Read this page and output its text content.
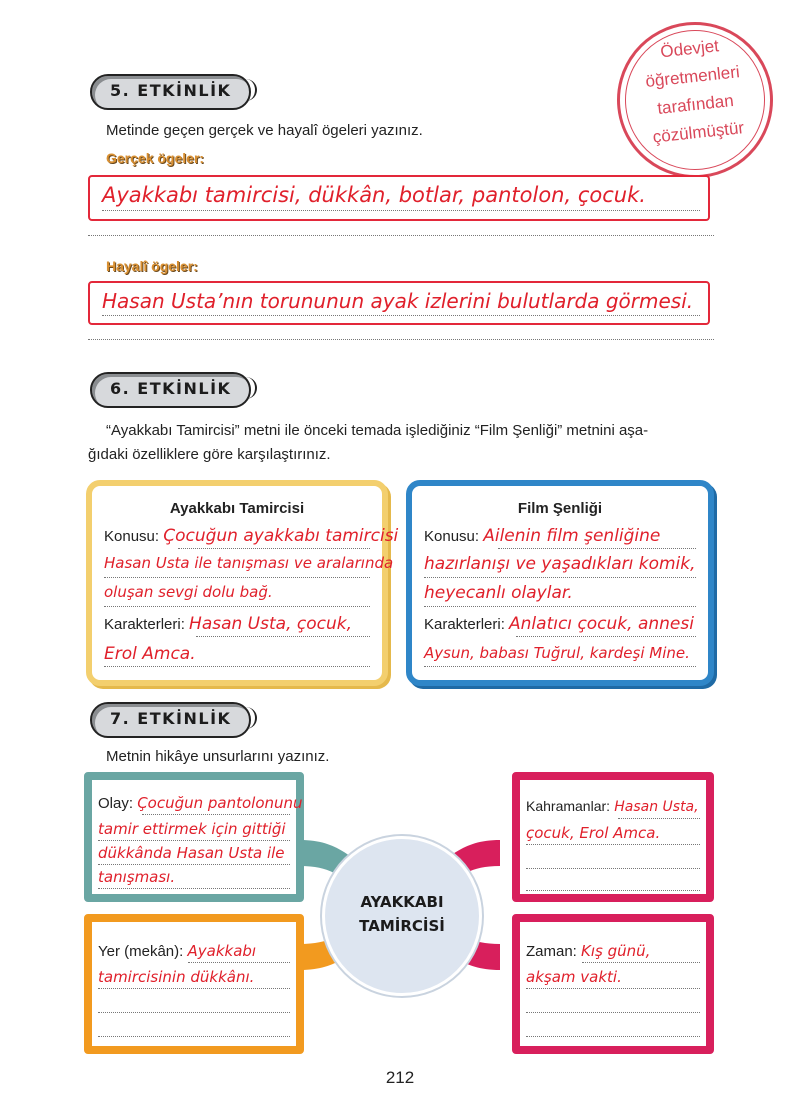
Ödevjet
öğretmenleri
tarafından
çözülmüştür
5. ETKİNLİK
Metinde geçen gerçek ve hayalî ögeleri yazınız.
Gerçek ögeler:
Ayakkabı tamircisi, dükkân, botlar, pantolon, çocuk.
Hayalî ögeler:
Hasan Usta’nın torununun ayak izlerini bulutlarda görmesi.
6. ETKİNLİK
“Ayakkabı Tamircisi” metni ile önceki temada işlediğiniz “Film Şenliği” metnini aşa-
ğıdaki özelliklere göre karşılaştırınız.
Ayakkabı Tamircisi
Konusu: Çocuğun ayakkabı tamircisi
Hasan Usta ile tanışması ve aralarında
oluşan sevgi dolu bağ.
Karakterleri: Hasan Usta, çocuk,
Erol Amca.
Film Şenliği
Konusu: Ailenin film şenliğine
hazırlanışı ve yaşadıkları komik,
heyecanlı olaylar.
Karakterleri: Anlatıcı çocuk, annesi
Aysun, babası Tuğrul, kardeşi Mine.
7. ETKİNLİK
Metnin hikâye unsurlarını yazınız.
Olay: Çocuğun pantolonunu
tamir ettirmek için gittiği
dükkânda Hasan Usta ile
tanışması.
Kahramanlar: Hasan Usta,
çocuk, Erol Amca.
Yer (mekân): Ayakkabı
tamircisinin dükkânı.
Zaman: Kış günü,
akşam vakti.
AYAKKABI
TAMİRCİSİ
212
